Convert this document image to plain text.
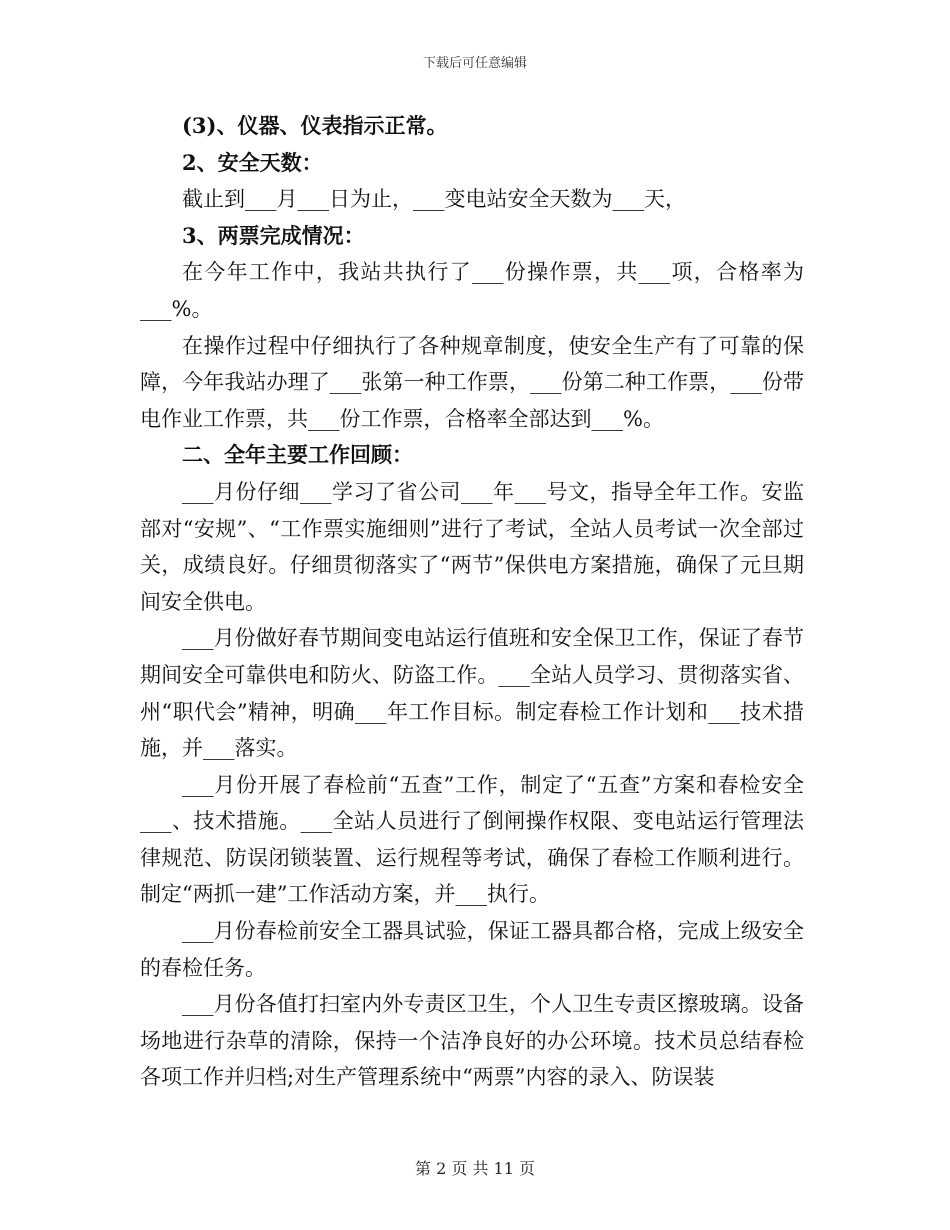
下载后可任意编辑

(3)、仪器、仪表指示正常。

2、安全天数：

截止到___月___日为止，___变电站安全天数为___天，

3、两票完成情况：

在今年工作中，我站共执行了___份操作票，共___项，合格率为___%。

在操作过程中仔细执行了各种规章制度，使安全生产有了可靠的保障，今年我站办理了___张第一种工作票，___份第二种工作票，___份带电作业工作票，共___份工作票，合格率全部达到___%。

二、全年主要工作回顾：

___月份仔细___学习了省公司___年___号文，指导全年工作。安监部对“安规”、“工作票实施细则”进行了考试，全站人员考试一次全部过关，成绩良好。仔细贯彻落实了“两节”保供电方案措施，确保了元旦期间安全供电。

___月份做好春节期间变电站运行值班和安全保卫工作，保证了春节期间安全可靠供电和防火、防盗工作。___全站人员学习、贯彻落实省、州“职代会”精神，明确___年工作目标。制定春检工作计划和___技术措施，并___落实。

___月份开展了春检前“五查”工作，制定了“五查”方案和春检安全___、技术措施。___全站人员进行了倒闸操作权限、变电站运行管理法律规范、防误闭锁装置、运行规程等考试，确保了春检工作顺利进行。制定“两抓一建”工作活动方案，并___执行。

___月份春检前安全工器具试验，保证工器具都合格，完成上级安全的春检任务。

___月份各值打扫室内外专责区卫生，个人卫生专责区擦玻璃。设备场地进行杂草的清除，保持一个洁净良好的办公环境。技术员总结春检各项工作并归档;对生产管理系统中“两票”内容的录入、防误装

第 2 页 共 11 页
